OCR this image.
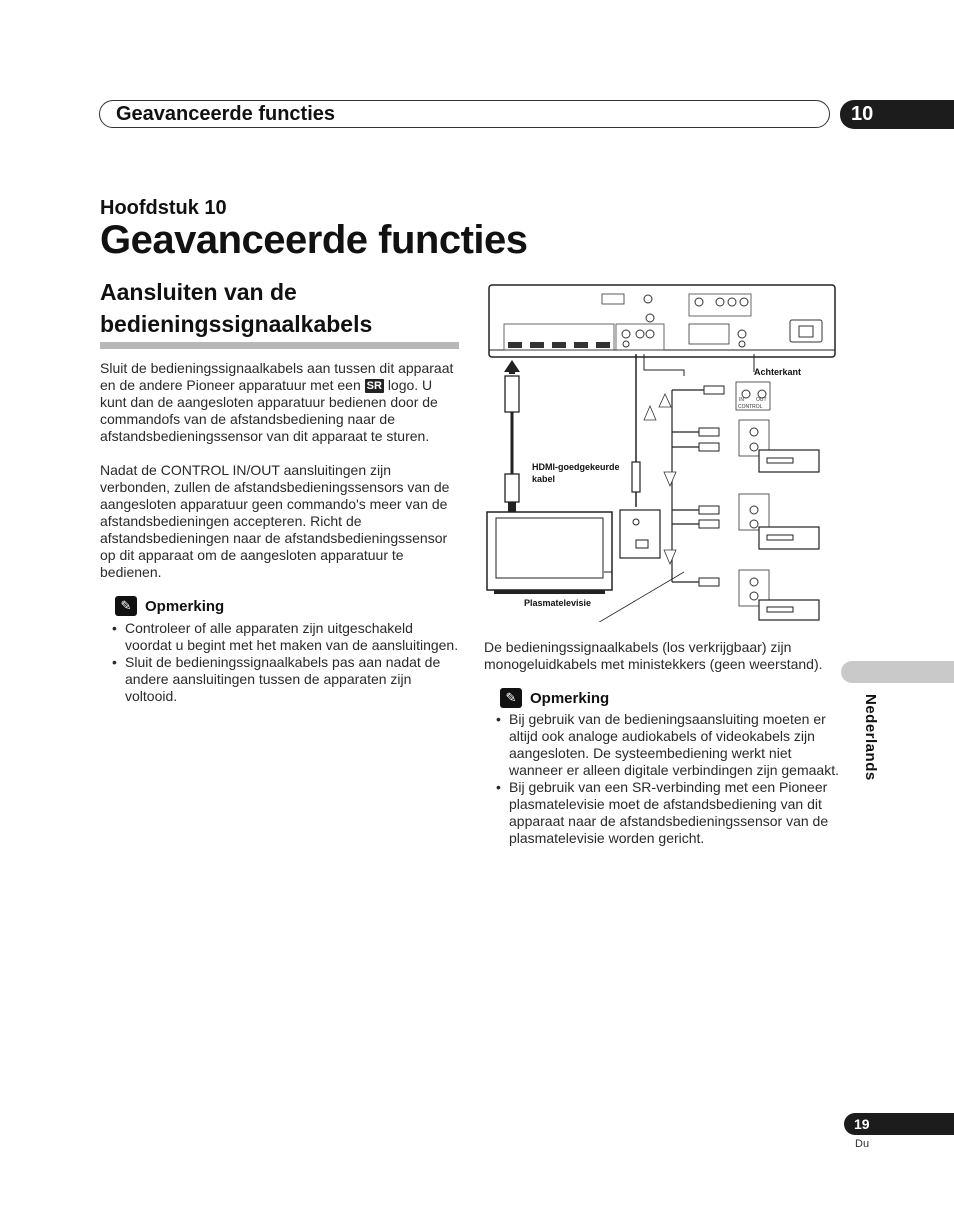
Geavanceerde functies	10
Hoofdstuk 10
Geavanceerde functies
Aansluiten van de bedieningssignaalkabels
Sluit de bedieningssignaalkabels aan tussen dit apparaat en de andere Pioneer apparatuur met een SR logo. U kunt dan de aangesloten apparatuur bedienen door de commandofs van de afstandsbediening naar de afstandsbedieningssensor van dit apparaat te sturen.
Nadat de CONTROL IN/OUT aansluitingen zijn verbonden, zullen de afstandsbedieningssensors van de aangesloten apparatuur geen commando's meer van de afstandsbedieningen accepteren. Richt de afstandsbedieningen naar de afstandsbedieningssensor op dit apparaat om de aangesloten apparatuur te bedienen.
✎ Opmerking
• Controleer of alle apparaten zijn uitgeschakeld voordat u begint met het maken van de aansluitingen.
• Sluit de bedieningssignaalkabels pas aan nadat de andere aansluitingen tussen de apparaten zijn voltooid.
Plasmatelevisie
CONTROL
IN OUT
Achterkant
HDMI-goedgekeurde
kabel
De bedieningssignaalkabels (los verkrijgbaar) zijn monogeluidkabels met ministekkers (geen weerstand).
✎ Opmerking
• Bij gebruik van de bedieningsaansluiting moeten er altijd ook analoge audiokabels of videokabels zijn aangesloten. De systeembediening werkt niet wanneer er alleen digitale verbindingen zijn gemaakt.
• Bij gebruik van een SR-verbinding met een Pioneer plasmatelevisie moet de afstandsbediening van dit apparaat naar de afstandsbedieningssensor van de plasmatelevisie worden gericht.
Nederlands
19
Du
